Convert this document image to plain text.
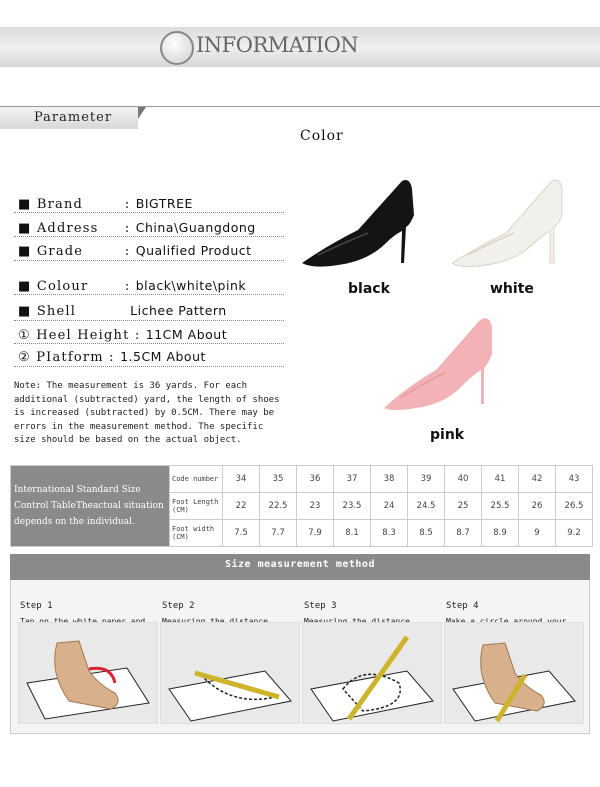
INFORMATION
Parameter
Color
■ Brand	: BIGTREE
■ Address : China\Guangdong
■ Grade	: Qualified Product
■ Colour	: black\white\pink
■ Shell	Lichee Pattern
① Heel Height : 11CM About
② PIatform : 1.5CM About
black	white
pink
Note: The measurement is 36 yards. For each additional (subtracted) yard, the length of shoes is increased (subtracted) by 0.5CM. There may be errors in the measurement method. The specific size should be based on the actual object.
International Standard Size Control TableTheactual situation depends on the individual.	Code number	34	35	36	37	38	39	40	41	42	43
	Foot Length (CM)	22	22.5	23	23.5	24	24.5	25	25.5	26	26.5
	Foot width (CM)	7.5	7.7	7.9	8.1	8.3	8.5	8.7	8.9	9	9.2
Size measurement method
Step 1	Step 2	Step 3	Step 4
